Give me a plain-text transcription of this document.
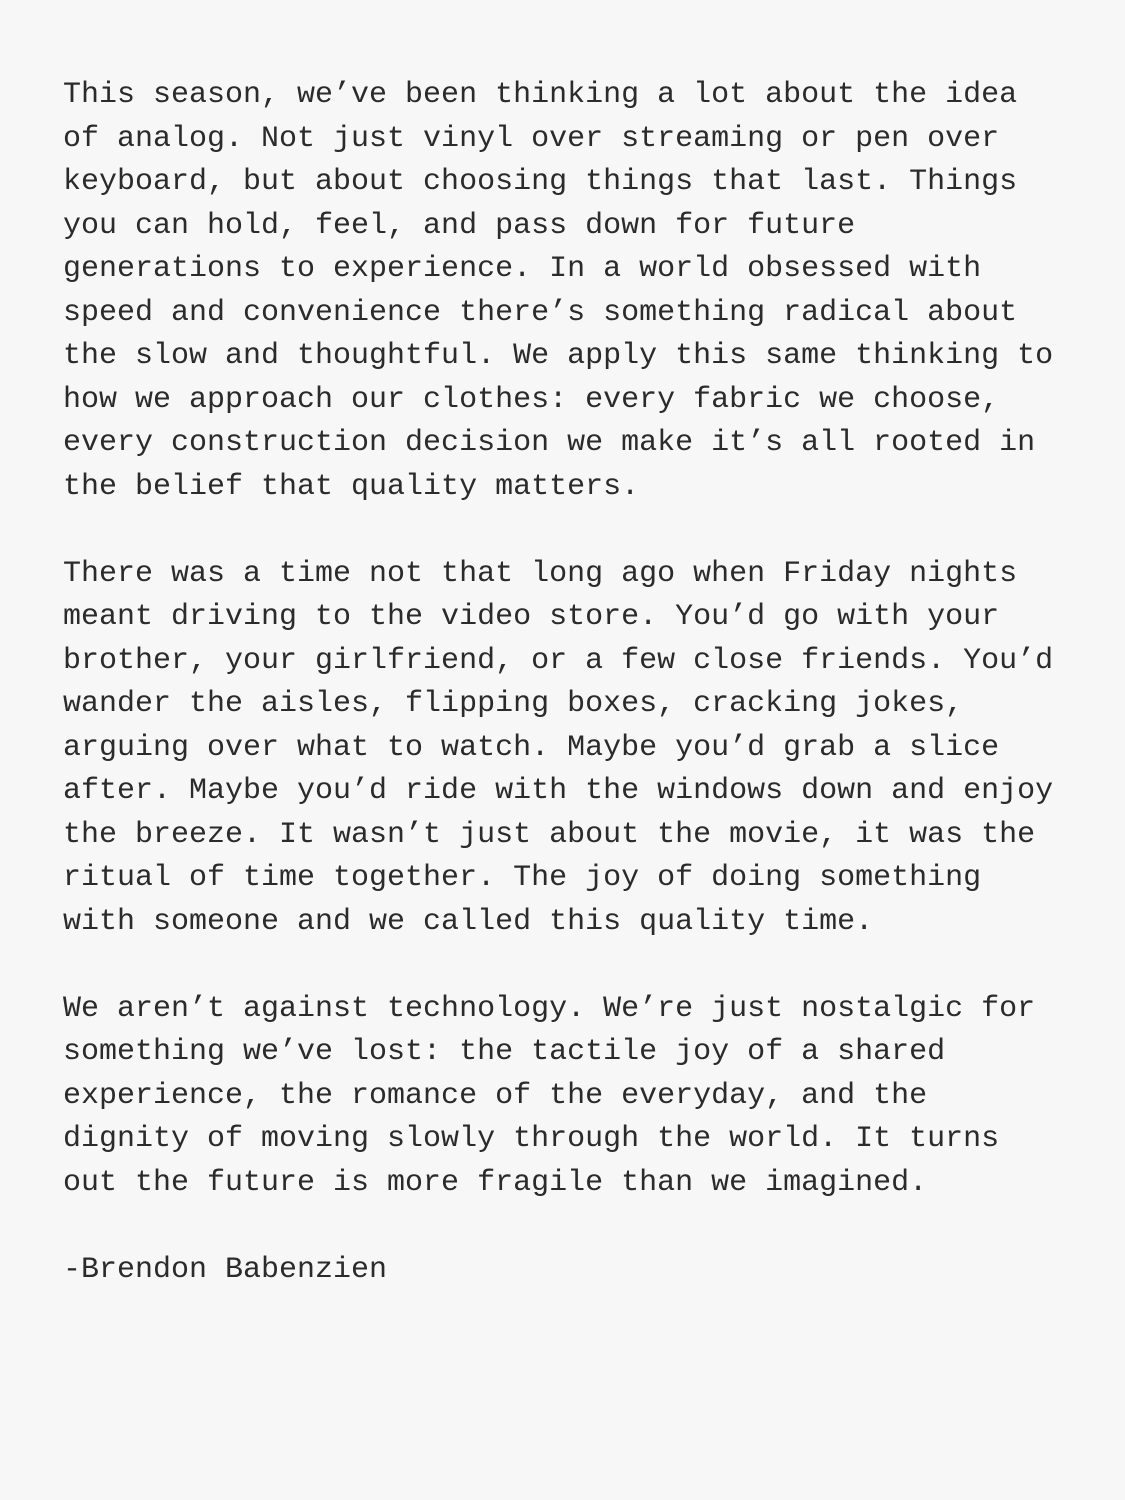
This season, we’ve been thinking a lot about the idea
of analog. Not just vinyl over streaming or pen over
keyboard, but about choosing things that last. Things
you can hold, feel, and pass down for future
generations to experience. In a world obsessed with
speed and convenience there’s something radical about
the slow and thoughtful. We apply this same thinking to
how we approach our clothes: every fabric we choose,
every construction decision we make it’s all rooted in
the belief that quality matters.
There was a time not that long ago when Friday nights
meant driving to the video store. You’d go with your
brother, your girlfriend, or a few close friends. You’d
wander the aisles, flipping boxes, cracking jokes,
arguing over what to watch. Maybe you’d grab a slice
after. Maybe you’d ride with the windows down and enjoy
the breeze. It wasn’t just about the movie, it was the
ritual of time together. The joy of doing something
with someone and we called this quality time.
We aren’t against technology. We’re just nostalgic for
something we’ve lost: the tactile joy of a shared
experience, the romance of the everyday, and the
dignity of moving slowly through the world. It turns
out the future is more fragile than we imagined.

-Brendon Babenzien
